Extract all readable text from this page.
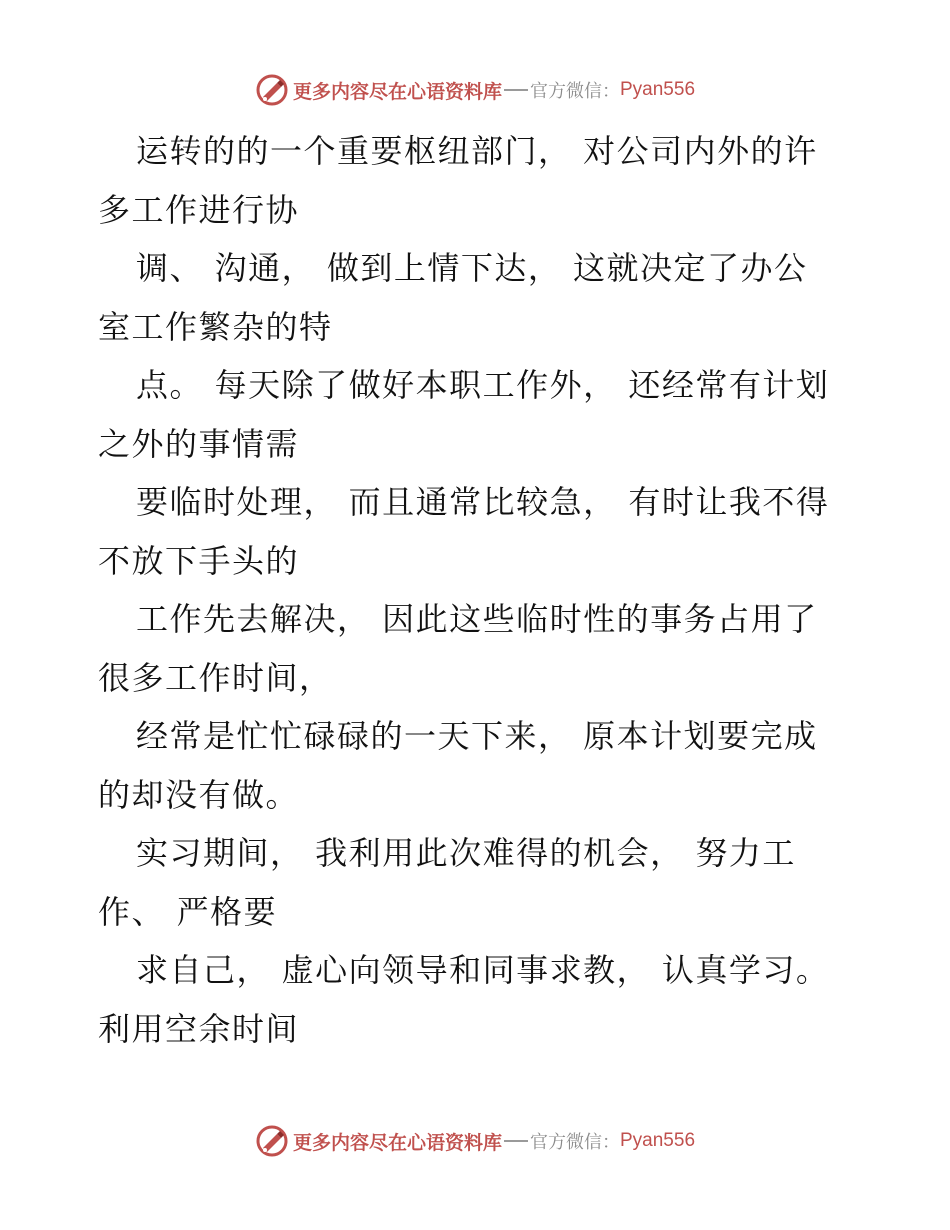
更多内容尽在心语资料库 官方微信： Pyan556
运转的的一个重要枢纽部门， 对公司内外的许
多工作进行协
调、 沟通， 做到上情下达， 这就决定了办公
室工作繁杂的特
点。 每天除了做好本职工作外， 还经常有计划
之外的事情需
要临时处理， 而且通常比较急， 有时让我不得
不放下手头的
工作先去解决， 因此这些临时性的事务占用了
很多工作时间，
经常是忙忙碌碌的一天下来， 原本计划要完成
的却没有做。
实习期间， 我利用此次难得的机会， 努力工
作、 严格要
求自己， 虚心向领导和同事求教， 认真学习。
利用空余时间
更多内容尽在心语资料库 官方微信： Pyan556
